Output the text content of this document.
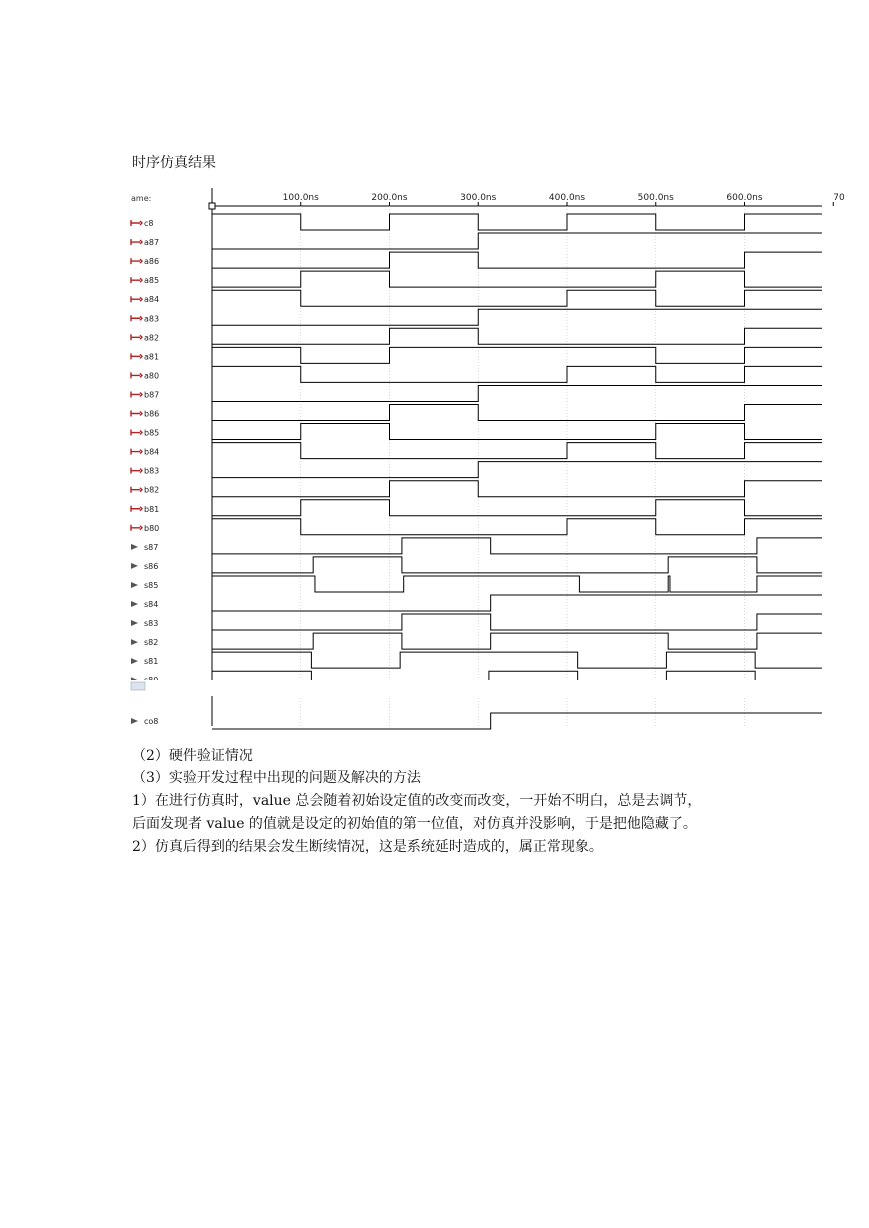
时序仿真结果
ame:	100.0ns	200.0ns	300.0ns	400.0ns	500.0ns	600.0ns	70
c8
a87
a86
a85
a84
a83
a82
a81
a80
b87
b86
b85
b84
b83
b82
b81
b80
s87
s86
s85
s84
s83
s82
s81
co8
（2）硬件验证情况
（3）实验开发过程中出现的问题及解决的方法
1）在进行仿真时，value 总会随着初始设定值的改变而改变，一开始不明白，总是去调节，
后面发现者 value 的值就是设定的初始值的第一位值，对仿真并没影响，于是把他隐藏了。
2）仿真后得到的结果会发生断续情况，这是系统延时造成的，属正常现象。
